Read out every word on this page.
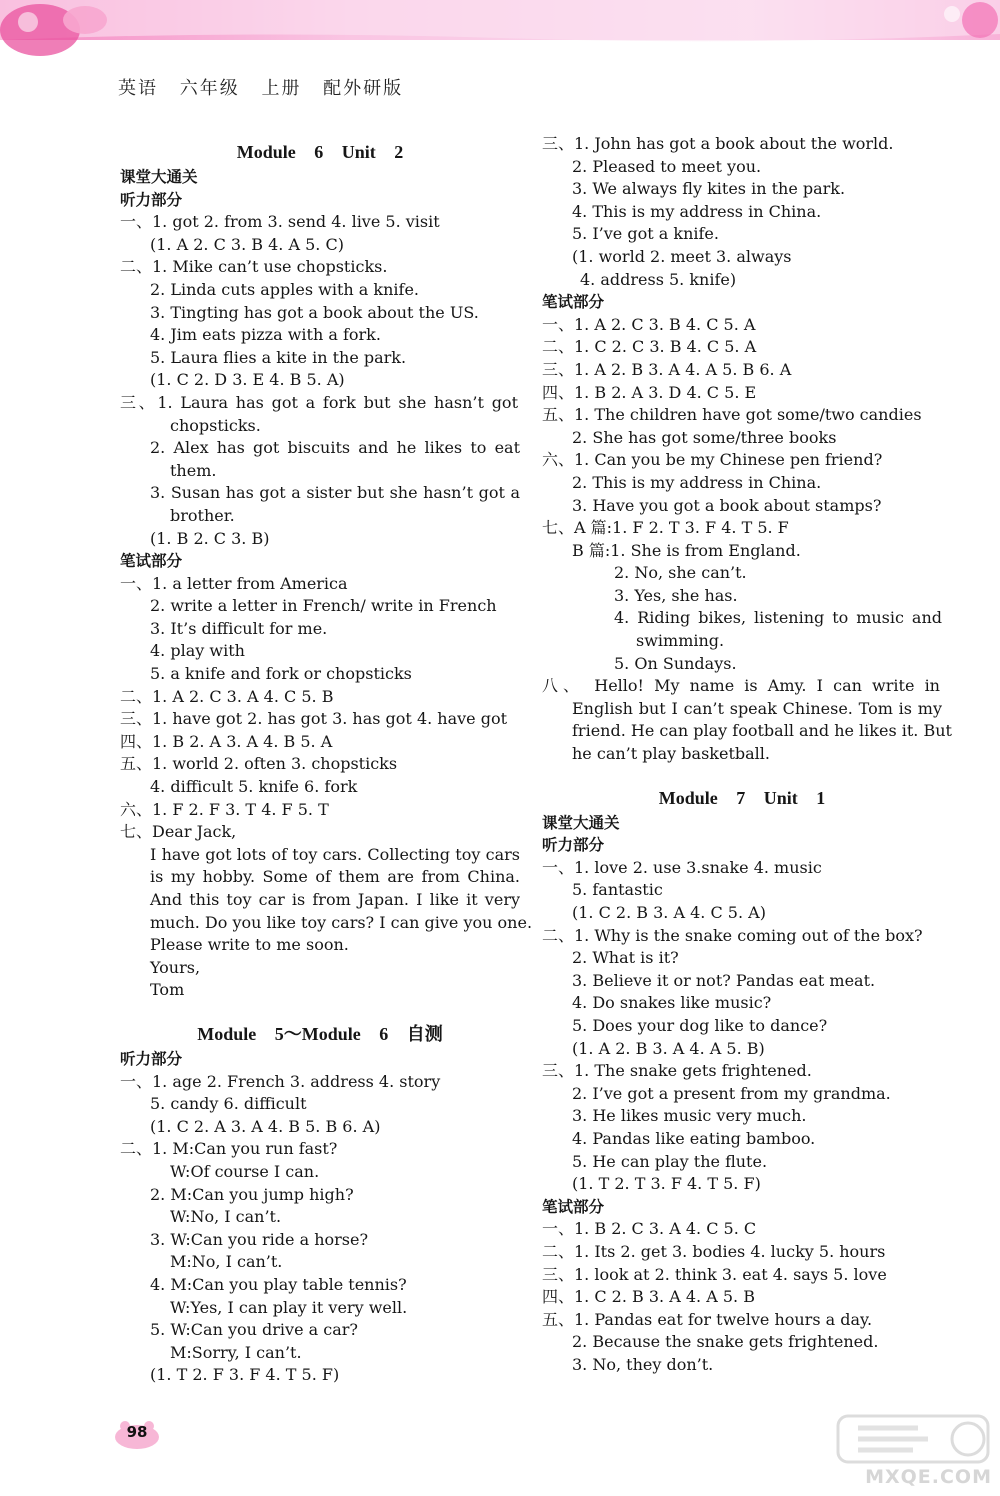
英语 六年级 上册 配外研版
Module 6 Unit 2
课堂大通关
听力部分
一、1. got 2. from 3. send 4. live 5. visit
(1. A 2. C 3. B 4. A 5. C)
二、1. Mike can’t use chopsticks.
2. Linda cuts apples with a knife.
3. Tingting has got a book about the US.
4. Jim eats pizza with a fork.
5. Laura flies a kite in the park.
(1. C 2. D 3. E 4. B 5. A)
三、1. Laura has got a fork but she hasn’t got
chopsticks.
2. Alex has got biscuits and he likes to eat
them.
3. Susan has got a sister but she hasn’t got a
brother.
(1. B 2. C 3. B)
笔试部分
一、1. a letter from America
2. write a letter in French/ write in French
3. It’s difficult for me.
4. play with
5. a knife and fork or chopsticks
二、1. A 2. C 3. A 4. C 5. B
三、1. have got 2. has got 3. has got 4. have got
四、1. B 2. A 3. A 4. B 5. A
五、1. world 2. often 3. chopsticks
4. difficult 5. knife 6. fork
六、1. F 2. F 3. T 4. F 5. T
七、Dear Jack,
I have got lots of toy cars. Collecting toy cars
is my hobby. Some of them are from China.
And this toy car is from Japan. I like it very
much. Do you like toy cars? I can give you one.
Please write to me soon.
Yours,
Tom
Module 5～Module 6 自测
听力部分
一、1. age 2. French 3. address 4. story
5. candy 6. difficult
(1. C 2. A 3. A 4. B 5. B 6. A)
二、1. M:Can you run fast?
W:Of course I can.
2. M:Can you jump high?
W:No, I can’t.
3. W:Can you ride a horse?
M:No, I can’t.
4. M:Can you play table tennis?
W:Yes, I can play it very well.
5. W:Can you drive a car?
M:Sorry, I can’t.
(1. T 2. F 3. F 4. T 5. F)
三、1. John has got a book about the world.
2. Pleased to meet you.
3. We always fly kites in the park.
4. This is my address in China.
5. I’ve got a knife.
(1. world 2. meet 3. always
4. address 5. knife)
笔试部分
一、1. A 2. C 3. B 4. C 5. A
二、1. C 2. C 3. B 4. C 5. A
三、1. A 2. B 3. A 4. A 5. B 6. A
四、1. B 2. A 3. D 4. C 5. E
五、1. The children have got some/two candies
2. She has got some/three books
六、1. Can you be my Chinese pen friend?
2. This is my address in China.
3. Have you got a book about stamps?
七、A 篇:1. F 2. T 3. F 4. T 5. F
B 篇:1. She is from England.
2. No, she can’t.
3. Yes, she has.
4. Riding bikes, listening to music and
swimming.
5. On Sundays.
八、 Hello! My name is Amy. I can write in
English but I can’t speak Chinese. Tom is my
friend. He can play football and he likes it. But
he can’t play basketball.
Module 7 Unit 1
课堂大通关
听力部分
一、1. love 2. use 3.snake 4. music
5. fantastic
(1. C 2. B 3. A 4. C 5. A)
二、1. Why is the snake coming out of the box?
2. What is it?
3. Believe it or not? Pandas eat meat.
4. Do snakes like music?
5. Does your dog like to dance?
(1. A 2. B 3. A 4. A 5. B)
三、1. The snake gets frightened.
2. I’ve got a present from my grandma.
3. He likes music very much.
4. Pandas like eating bamboo.
5. He can play the flute.
(1. T 2. T 3. F 4. T 5. F)
笔试部分
一、1. B 2. C 3. A 4. C 5. C
二、1. Its 2. get 3. bodies 4. lucky 5. hours
三、1. look at 2. think 3. eat 4. says 5. love
四、1. C 2. B 3. A 4. A 5. B
五、1. Pandas eat for twelve hours a day.
2. Because the snake gets frightened.
3. No, they don’t.
98
MXQE.COM
